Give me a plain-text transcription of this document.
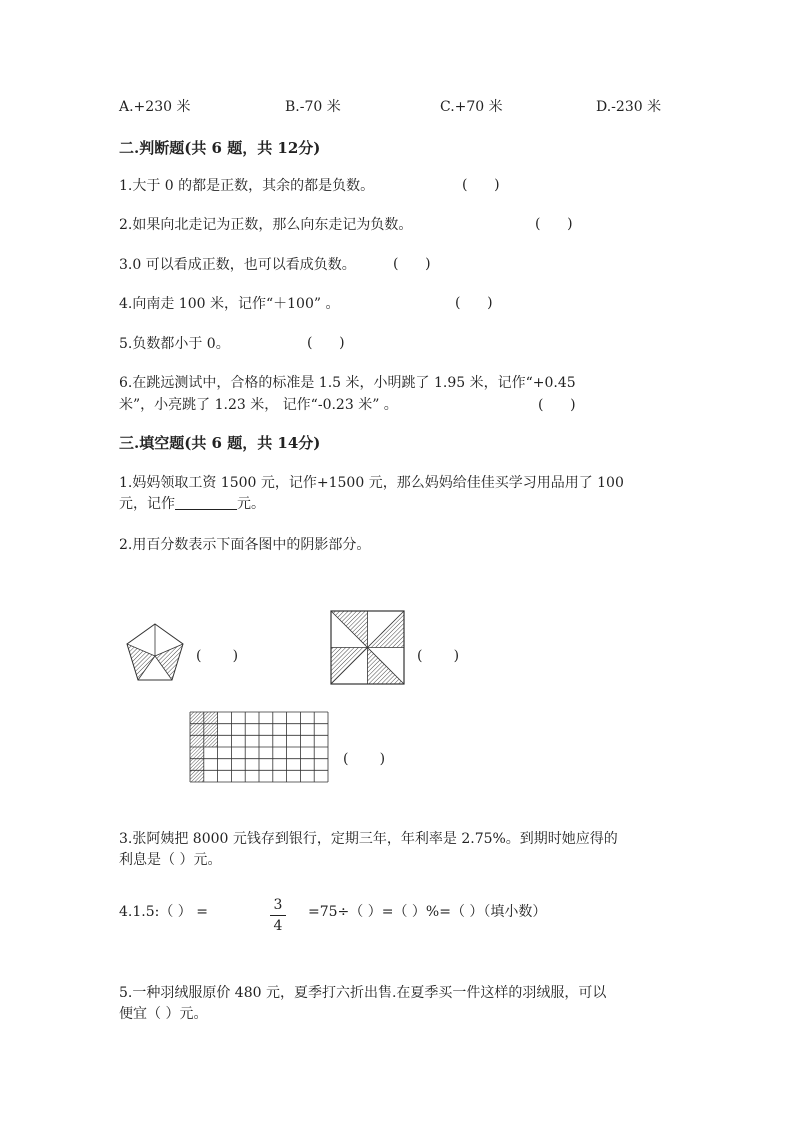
A.+230 米	B.-70 米	C.+70 米	D.-230 米
二.判断题(共 6 题，共 12分)
1.大于 0 的都是正数，其余的都是负数。	(      )
2.如果向北走记为正数，那么向东走记为负数。	(      )
3.0 可以看成正数，也可以看成负数。	(      )
4.向南走 100 米，记作“＋100” 。	(      )
5.负数都小于 0。	(      )
6.在跳远测试中，合格的标准是 1.5 米，小明跳了 1.95 米，记作“+0.45
米”，小亮跳了 1.23 米， 记作“-0.23 米” 。	(      )
三.填空题(共 6 题，共 14分)
1.妈妈领取工资 1500 元，记作+1500 元，那么妈妈给佳佳买学习用品用了 100
元，记作	元。
2.用百分数表示下面各图中的阴影部分。
(       )	(       )
(       )
3.张阿姨把 8000 元钱存到银行，定期三年，年利率是 2.75%。到期时她应得的
利息是（ ）元。
4.1.5:（ ） =	3
4
=75÷（ ）=（ ）%=（ ）（填小数）
5.一种羽绒服原价 480 元，夏季打六折出售.在夏季买一件这样的羽绒服，可以
便宜（ ）元。
